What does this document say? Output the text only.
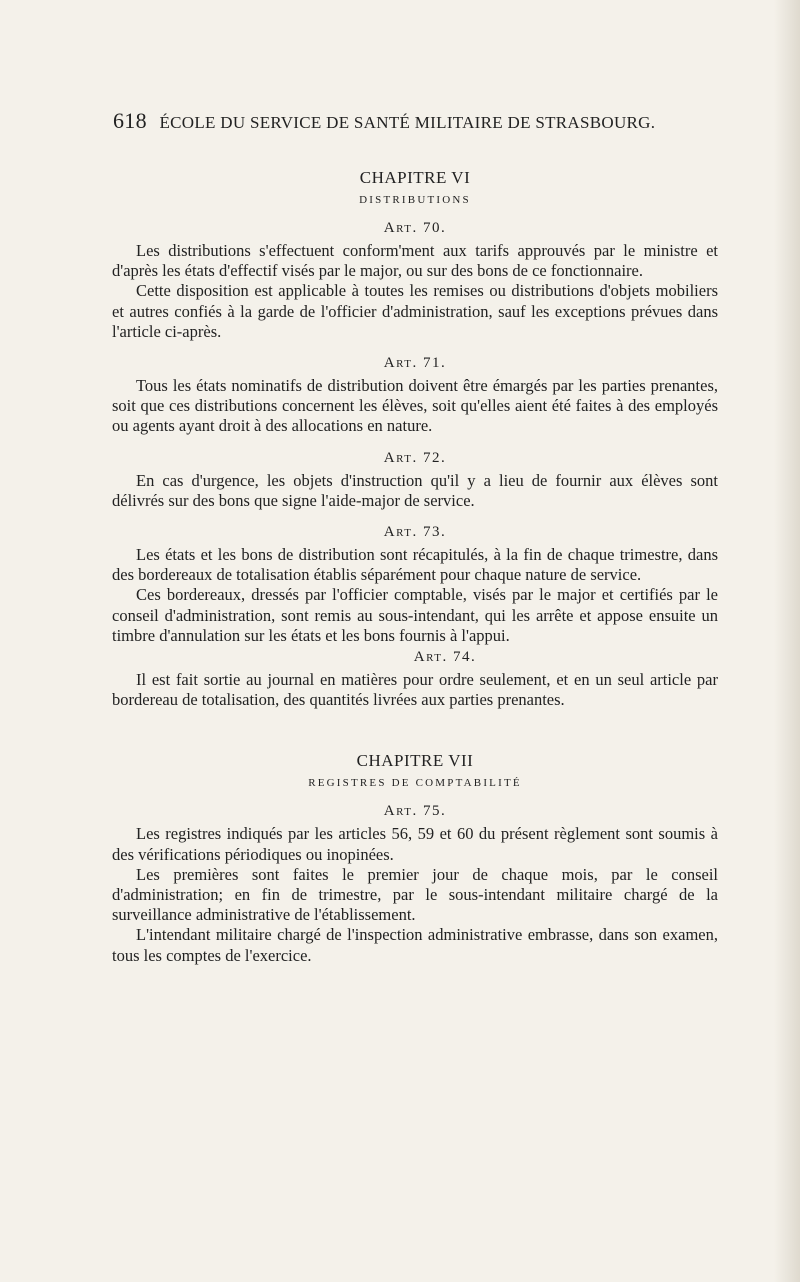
618 ÉCOLE DU SERVICE DE SANTÉ MILITAIRE DE STRASBOURG.
CHAPITRE VI
DISTRIBUTIONS
Art. 70.

Les distributions s'effectuent conform'ment aux tarifs approuvés par le ministre et d'après les états d'effectif visés par le major, ou sur des bons de ce fonctionnaire.

Cette disposition est applicable à toutes les remises ou distributions d'objets mobiliers et autres confiés à la garde de l'officier d'administration, sauf les exceptions prévues dans l'article ci-après.

Art. 71.

Tous les états nominatifs de distribution doivent être émargés par les parties prenantes, soit que ces distributions concernent les élèves, soit qu'elles aient été faites à des employés ou agents ayant droit à des allocations en nature.

Art. 72.

En cas d'urgence, les objets d'instruction qu'il y a lieu de fournir aux élèves sont délivrés sur des bons que signe l'aide-major de service.

Art. 73.

Les états et les bons de distribution sont récapitulés, à la fin de chaque trimestre, dans des bordereaux de totalisation établis séparément pour chaque nature de service.

Ces bordereaux, dressés par l'officier comptable, visés par le major et certifiés par le conseil d'administration, sont remis au sous-intendant, qui les arrête et appose ensuite un timbre d'annulation sur les états et les bons fournis à l'appui.

Art. 74.

Il est fait sortie au journal en matières pour ordre seulement, et en un seul article par bordereau de totalisation, des quantités livrées aux parties prenantes.

CHAPITRE VII
REGISTRES DE COMPTABILITÉ
Art. 75.

Les registres indiqués par les articles 56, 59 et 60 du présent règlement sont soumis à des vérifications périodiques ou inopinées.

Les premières sont faites le premier jour de chaque mois, par le conseil d'administration; en fin de trimestre, par le sous-intendant militaire chargé de la surveillance administrative de l'établissement.

L'intendant militaire chargé de l'inspection administrative embrasse, dans son examen, tous les comptes de l'exercice.
